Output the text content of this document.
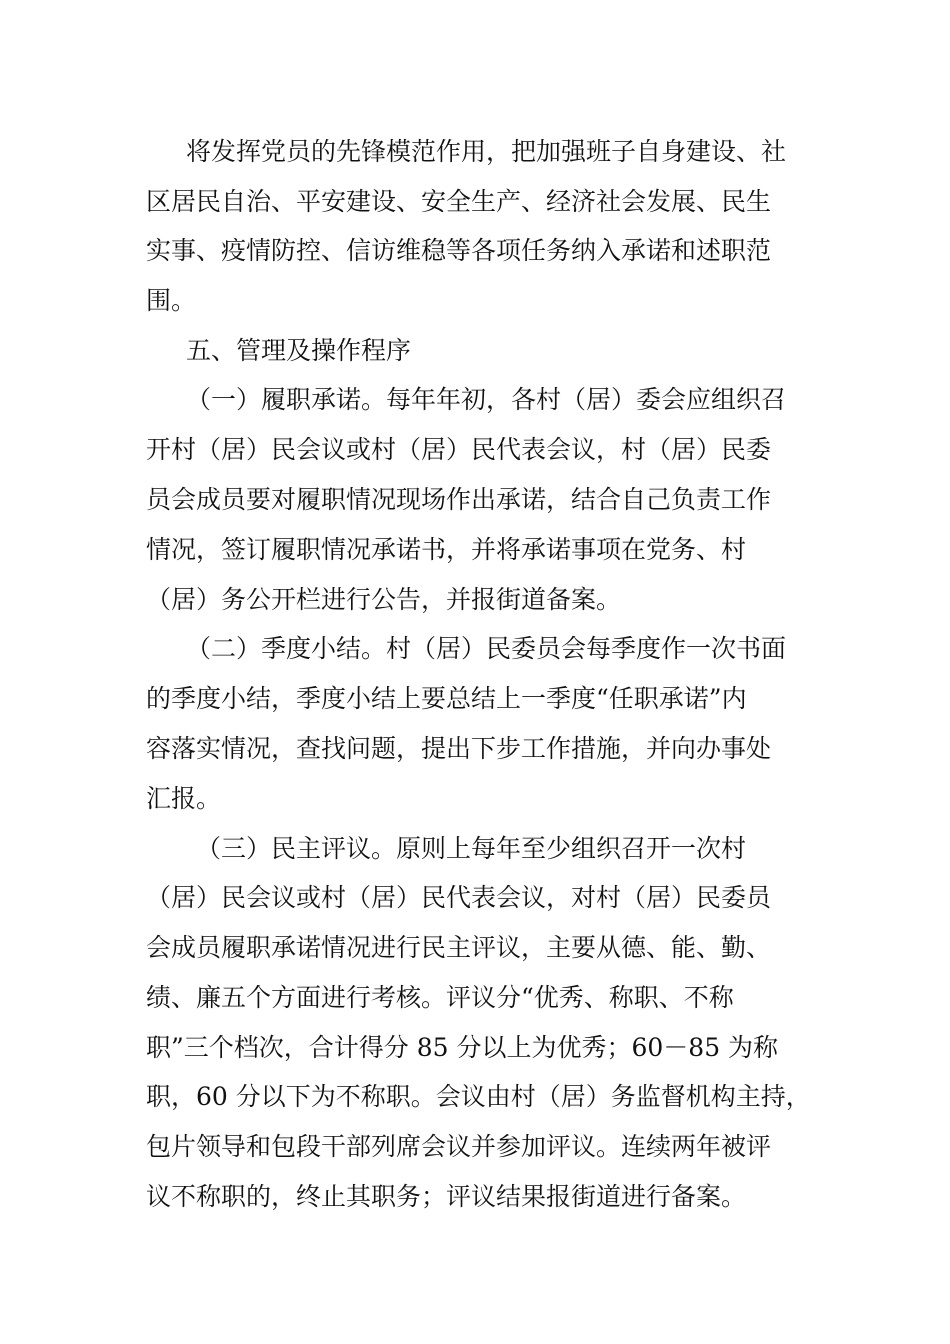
将发挥党员的先锋模范作用，把加强班子自身建设、社
区居民自治、平安建设、安全生产、经济社会发展、民生
实事、疫情防控、信访维稳等各项任务纳入承诺和述职范
围。
五、管理及操作程序
（一）履职承诺。每年年初，各村（居）委会应组织召
开村（居）民会议或村（居）民代表会议，村（居）民委
员会成员要对履职情况现场作出承诺，结合自己负责工作
情况，签订履职情况承诺书，并将承诺事项在党务、村
（居）务公开栏进行公告，并报街道备案。
（二）季度小结。村（居）民委员会每季度作一次书面
的季度小结，季度小结上要总结上一季度“任职承诺”内
容落实情况，查找问题，提出下步工作措施，并向办事处
汇报。
（三）民主评议。原则上每年至少组织召开一次村
（居）民会议或村（居）民代表会议，对村（居）民委员
会成员履职承诺情况进行民主评议，主要从德、能、勤、
绩、廉五个方面进行考核。评议分“优秀、称职、不称
职”三个档次，合计得分 85 分以上为优秀；60－85 为称
职，60 分以下为不称职。会议由村（居）务监督机构主持，
包片领导和包段干部列席会议并参加评议。连续两年被评
议不称职的，终止其职务；评议结果报街道进行备案。
